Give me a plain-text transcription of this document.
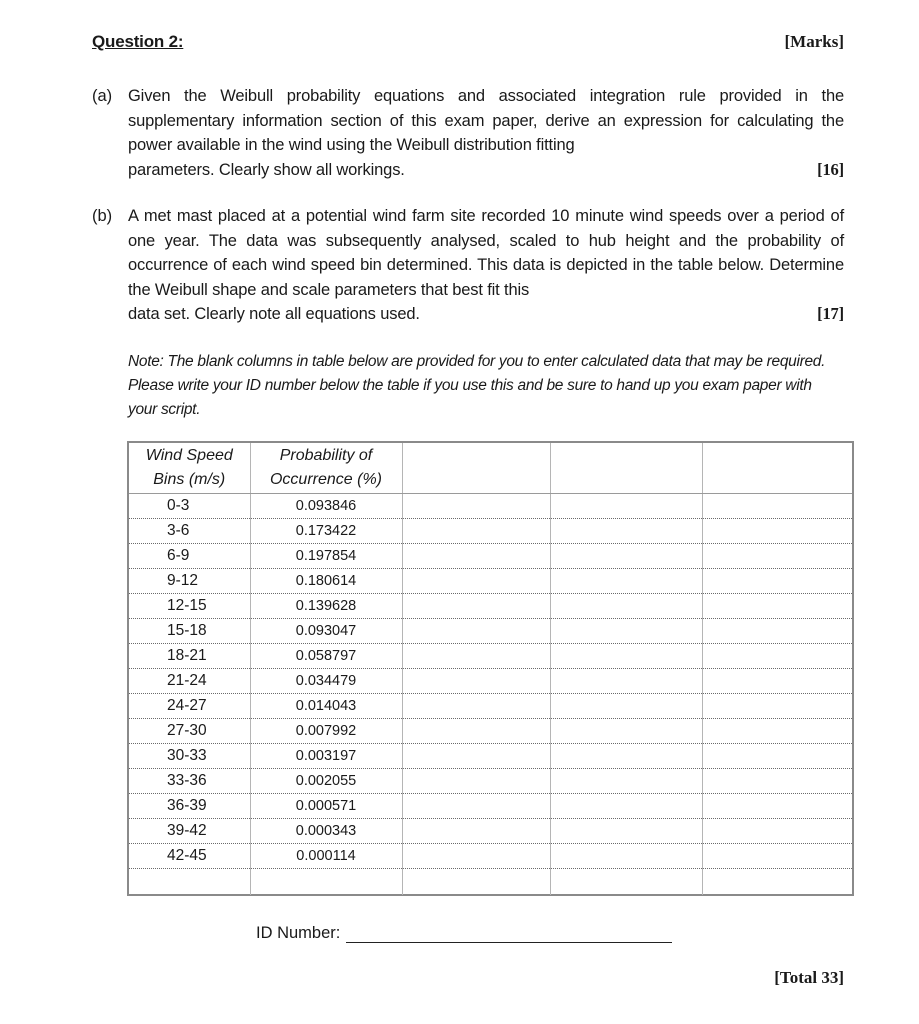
Question 2:	[Marks]
(a) Given the Weibull probability equations and associated integration rule provided in the supplementary information section of this exam paper, derive an expression for calculating the power available in the wind using the Weibull distribution fitting
parameters. Clearly show all workings.	[16]
(b) A met mast placed at a potential wind farm site recorded 10 minute wind speeds over a period of one year. The data was subsequently analysed, scaled to hub height and the probability of occurrence of each wind speed bin determined. This data is depicted in the table below. Determine the Weibull shape and scale parameters that best fit this
data set. Clearly note all equations used.	[17]
Note: The blank columns in table below are provided for you to enter calculated data that may be required. Please write your ID number below the table if you use this and be sure to hand up you exam paper with your script.
Wind Speed
Bins (m/s)

Probability of
Occurrence (%)

0-3	0.093846			
3-6	0.173422			
6-9	0.197854			
9-12	0.180614			
12-15	0.139628			
15-18	0.093047			
18-21	0.058797			
21-24	0.034479			
24-27	0.014043			
27-30	0.007992			
30-33	0.003197			
33-36	0.002055			
36-39	0.000571			
39-42	0.000343			
42-45	0.000114			

ID Number:
[Total 33]
